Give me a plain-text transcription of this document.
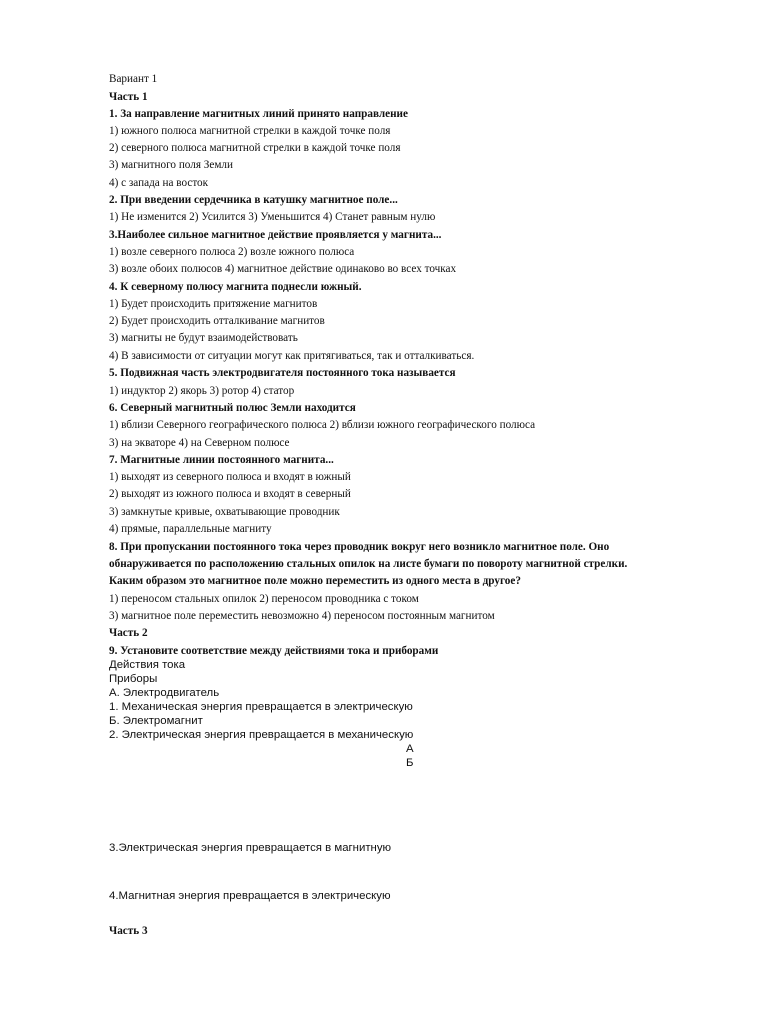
Вариант 1
Часть 1
1. За направление магнитных линий принято направление
1) южного полюса магнитной стрелки в каждой точке поля
2) северного полюса магнитной стрелки в каждой точке поля
3) магнитного поля Земли
4) с запада на восток
2. При введении сердечника в катушку магнитное поле...
1) Не изменится 2) Усилится 3) Уменьшится 4) Станет равным нулю
3.Наиболее сильное магнитное действие проявляется у магнита...
1) возле северного полюса 2) возле южного полюса
3) возле обоих полюсов 4) магнитное действие одинаково во всех точках
4. К северному полюсу магнита поднесли южный.
1) Будет происходить притяжение магнитов
2) Будет происходить отталкивание магнитов
3) магниты не будут взаимодействовать
4) В зависимости от ситуации могут как притягиваться, так и отталкиваться.
5. Подвижная часть электродвигателя постоянного тока называется
1) индуктор 2) якорь 3) ротор 4) статор
6. Северный магнитный полюс Земли находится
1) вблизи Северного географического полюса 2) вблизи южного географического полюса
3) на экваторе 4) на Северном полюсе
7. Магнитные линии постоянного магнита...
1) выходят из северного полюса и входят в южный
2) выходят из южного полюса и входят в северный
3) замкнутые кривые, охватывающие проводник
4) прямые, параллельные магниту
8. При пропускании постоянного тока через проводник вокруг него возникло магнитное поле. Оно
обнаруживается по расположению стальных опилок на листе бумаги по повороту магнитной стрелки.
Каким образом это магнитное поле можно переместить из одного места в другое?
1) переносом стальных опилок 2) переносом проводника с током
3) магнитное поле переместить невозможно 4) переносом постоянным магнитом
Часть 2
9. Установите соответствие между действиями тока и приборами
Действия тока
Приборы
А. Электродвигатель
1. Механическая энергия превращается в электрическую
Б. Электромагнит
2. Электрическая энергия превращается в механическую
А
Б
3.Электрическая энергия превращается в магнитную
4.Магнитная энергия превращается в электрическую
Часть 3
